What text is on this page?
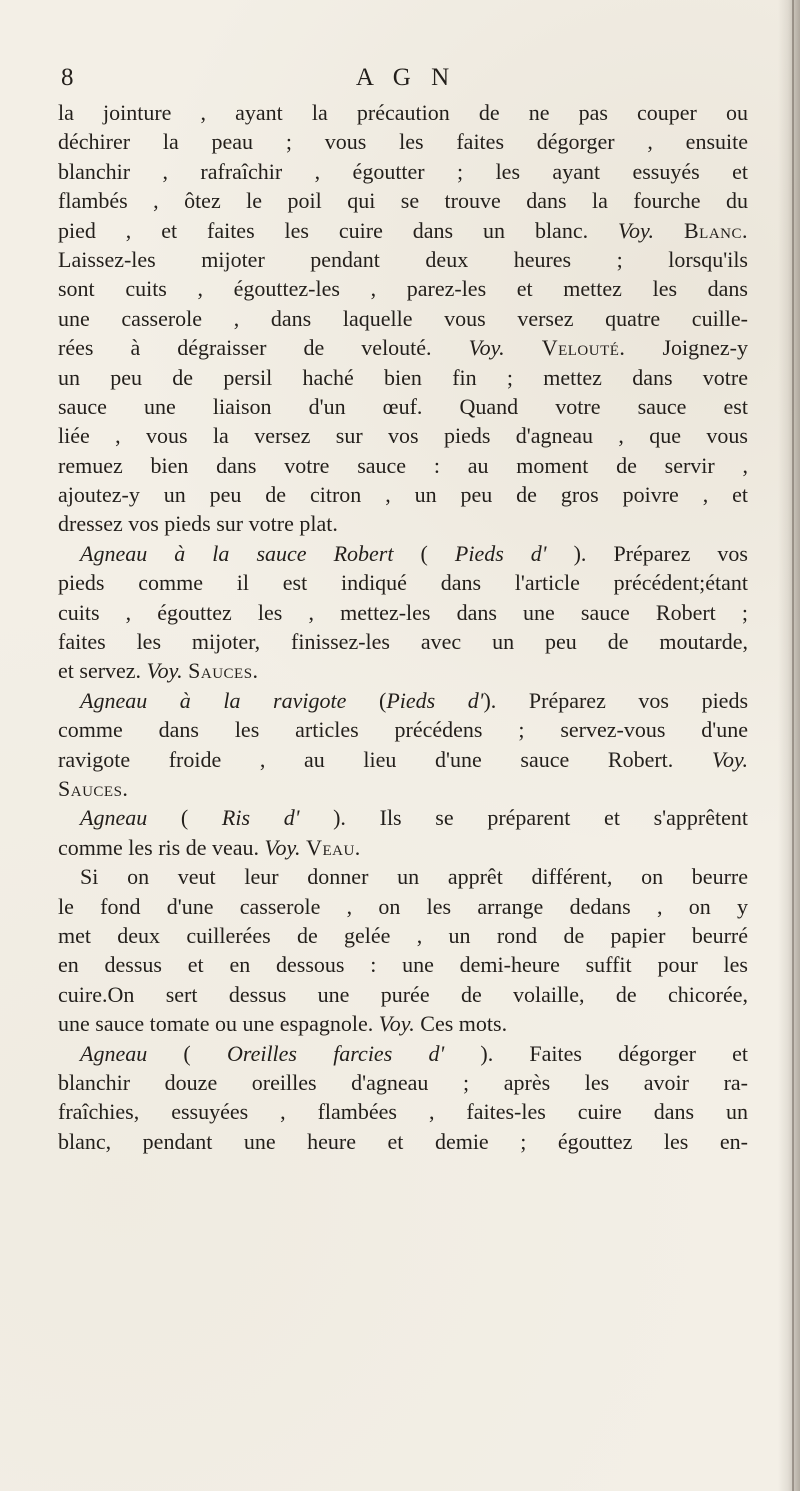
8	A G N
la jointure , ayant la précaution de ne pas couper ou
déchirer la peau ; vous les faites dégorger , ensuite
blanchir , rafraîchir , égoutter ; les ayant essuyés et
flambés , ôtez le poil qui se trouve dans la fourche du
pied , et faites les cuire dans un blanc. Voy. Blanc.
Laissez-les mijoter pendant deux heures ; lorsqu'ils
sont cuits , égouttez-les , parez-les et mettez les dans
une casserole , dans laquelle vous versez quatre cuille-
rées à dégraisser de velouté. Voy. Velouté. Joignez-y
un peu de persil haché bien fin ; mettez dans votre
sauce une liaison d'un œuf. Quand votre sauce est
liée , vous la versez sur vos pieds d'agneau , que vous
remuez bien dans votre sauce : au moment de servir ,
ajoutez-y un peu de citron , un peu de gros poivre , et
dressez vos pieds sur votre plat.
Agneau à la sauce Robert ( Pieds d' ). Préparez vos
pieds comme il est indiqué dans l'article précédent;étant
cuits , égouttez les , mettez-les dans une sauce Robert ;
faites les mijoter, finissez-les avec un peu de moutarde,
et servez. Voy. Sauces.
Agneau à la ravigote (Pieds d'). Préparez vos pieds
comme dans les articles précédens ; servez-vous d'une
ravigote froide , au lieu d'une sauce Robert. Voy.
Sauces.
Agneau ( Ris d' ). Ils se préparent et s'apprêtent
comme les ris de veau. Voy. Veau.
Si on veut leur donner un apprêt différent, on beurre
le fond d'une casserole , on les arrange dedans , on y
met deux cuillerées de gelée , un rond de papier beurré
en dessus et en dessous : une demi-heure suffit pour les
cuire.On sert dessus une purée de volaille, de chicorée,
une sauce tomate ou une espagnole. Voy. Ces mots.
Agneau ( Oreilles farcies d' ). Faites dégorger et
blanchir douze oreilles d'agneau ; après les avoir ra-
fraîchies, essuyées , flambées , faites-les cuire dans un
blanc, pendant une heure et demie ; égouttez les en-
